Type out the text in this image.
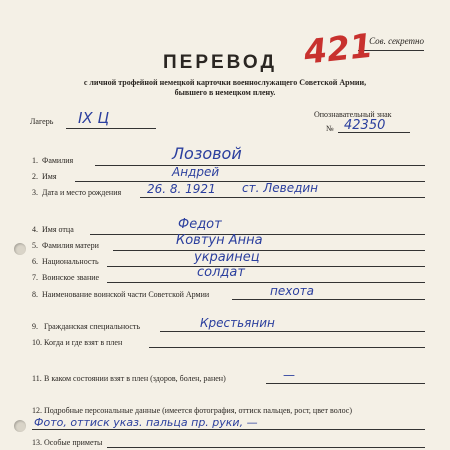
Сов. секретно
421
ПЕРЕВОД
с личной трофейной немецкой карточки военнослужащего Советской Армии,
бывшего в немецком плену.
Лагерь IX Ц	Опознавательный знак
№ 42350
1. Фамилия	Лозовой
2. Имя	Андрей
3. Дата и место рождения 26. 8. 1921 ст. Леведин
4. Имя отца	Федот
5. Фамилия матери	Ковтун Анна
6. Национальность	украинец
7. Воинское звание	солдат
8. Наименование воинской части Советской Армии	пехота
9. Гражданская специальность	Крестьянин
10. Когда и где взят в плен
11. В каком состоянии взят в плен (здоров, болен, ранен)	—
12. Подробные персональные данные (имеется фотография, оттиск пальцев, рост, цвет волос)
Фото, оттиск указ. пальца пр. руки, —
13. Особые приметы
